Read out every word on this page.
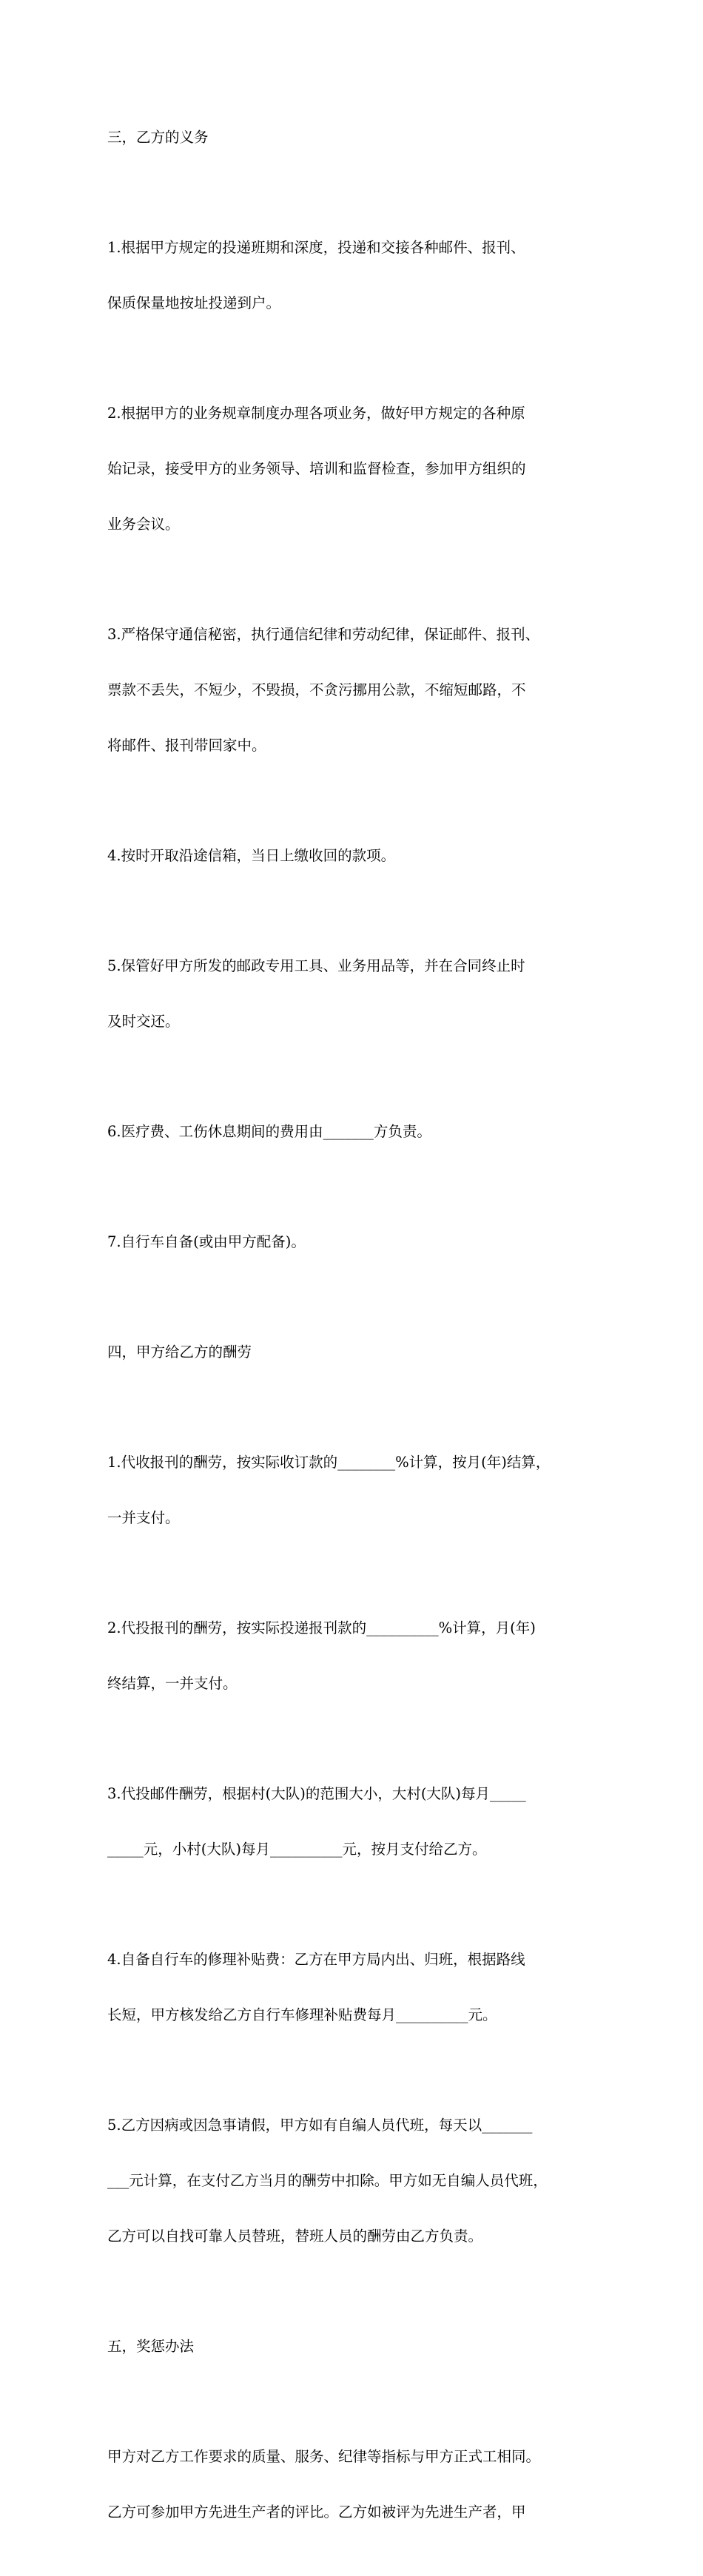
三，乙方的义务

1.根据甲方规定的投递班期和深度，投递和交接各种邮件、报刊、

保质保量地按址投递到户。

2.根据甲方的业务规章制度办理各项业务，做好甲方规定的各种原

始记录，接受甲方的业务领导、培训和监督检查，参加甲方组织的

业务会议。

3.严格保守通信秘密，执行通信纪律和劳动纪律，保证邮件、报刊、

票款不丢失，不短少，不毁损，不贪污挪用公款，不缩短邮路，不

将邮件、报刊带回家中。

4.按时开取沿途信箱，当日上缴收回的款项。

5.保管好甲方所发的邮政专用工具、业务用品等，并在合同终止时

及时交还。

6.医疗费、工伤休息期间的费用由_______方负责。

7.自行车自备(或由甲方配备)。

四，甲方给乙方的酬劳

1.代收报刊的酬劳，按实际收订款的________%计算，按月(年)结算，

一并支付。

2.代投报刊的酬劳，按实际投递报刊款的__________%计算，月(年)

终结算，一并支付。

3.代投邮件酬劳，根据村(大队)的范围大小，大村(大队)每月_____

_____元，小村(大队)每月__________元，按月支付给乙方。

4.自备自行车的修理补贴费：乙方在甲方局内出、归班，根据路线

长短，甲方核发给乙方自行车修理补贴费每月__________元。

5.乙方因病或因急事请假，甲方如有自编人员代班，每天以_______

___元计算，在支付乙方当月的酬劳中扣除。甲方如无自编人员代班，

乙方可以自找可靠人员替班，替班人员的酬劳由乙方负责。

五，奖惩办法

甲方对乙方工作要求的质量、服务、纪律等指标与甲方正式工相同。

乙方可参加甲方先进生产者的评比。乙方如被评为先进生产者，甲
